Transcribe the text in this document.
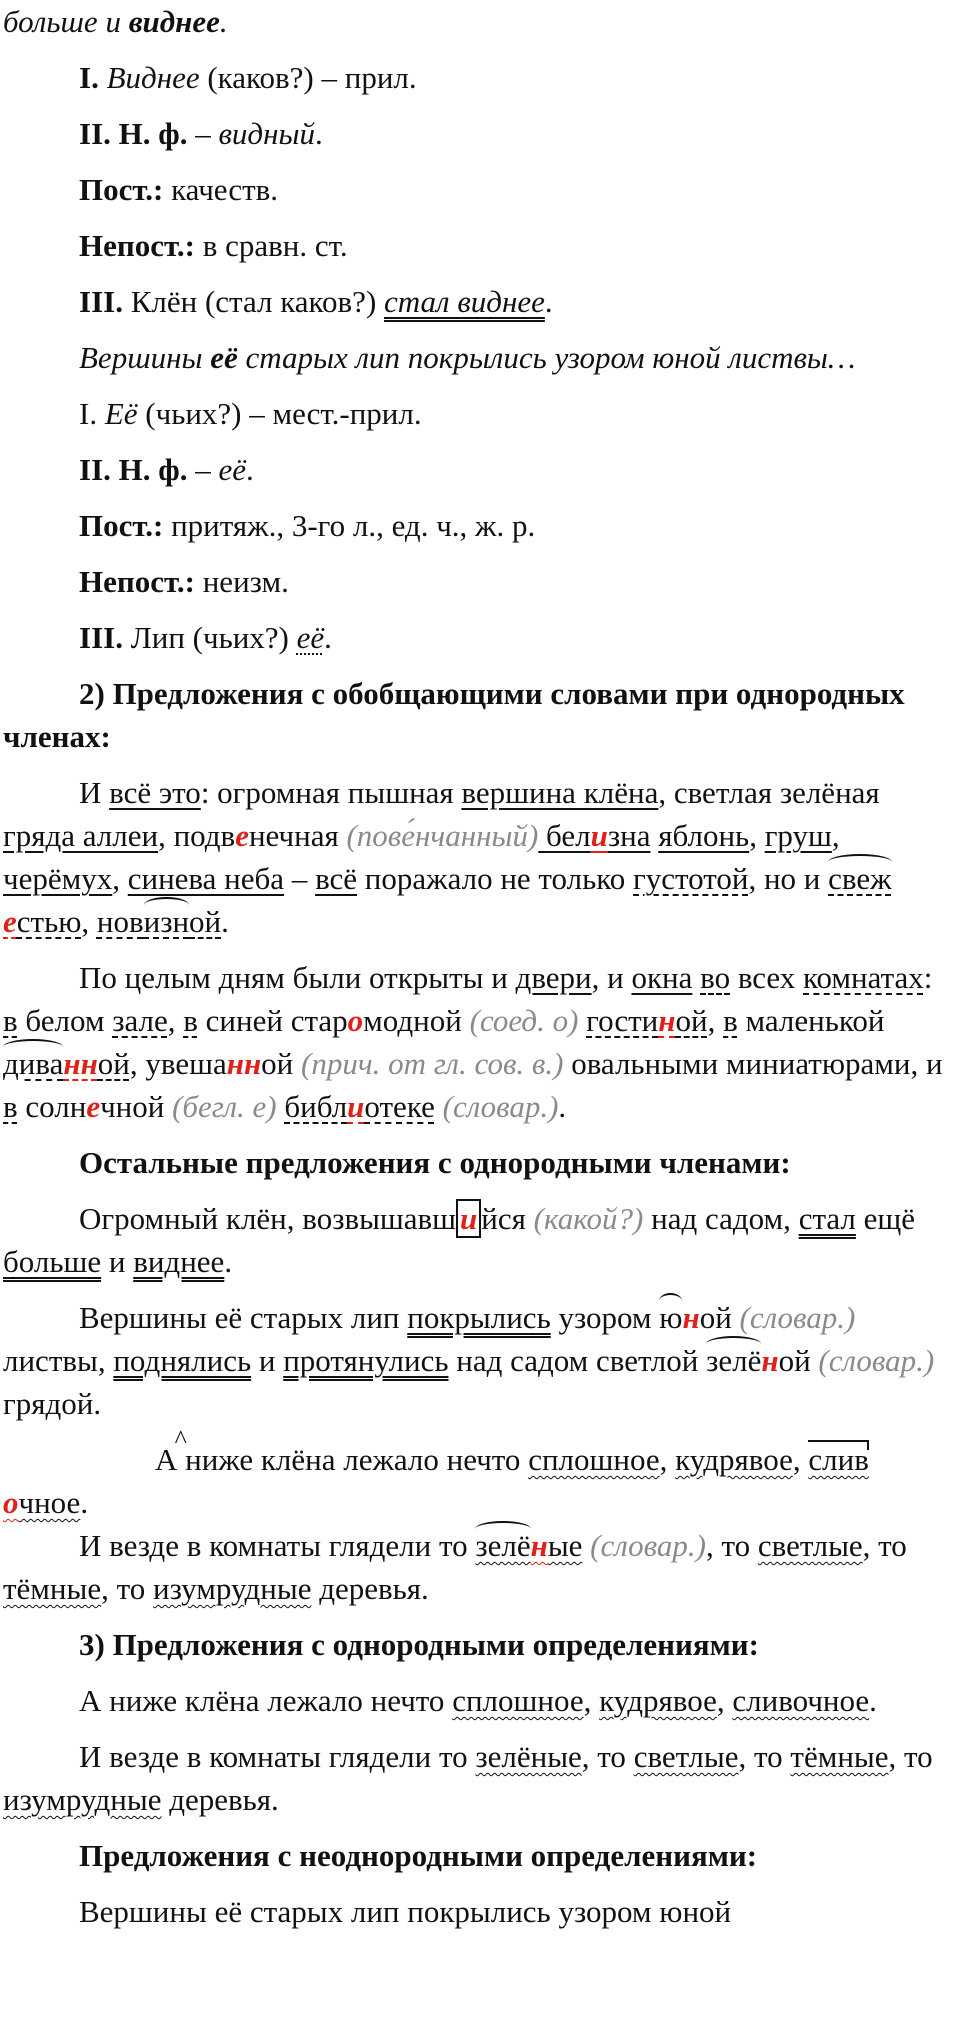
больше и виднее.

I. Виднее (каков?) – прил.

II. Н. ф. – видный.

Пост.: качеств.

Непост.: в сравн. ст.

III. Клён (стал каков?) стал виднее.

Вершины её старых лип покрылись узором юной листвы…

I. Её (чьих?) – мест.-прил.

II. Н. ф. – её.

Пост.: притяж., 3-го л., ед. ч., ж. р.

Непост.: неизм.

III. Лип (чьих?) её.

2) Предложения с обобщающими словами при однородных членах:

И всё это: огромная пышная вершина клёна, светлая зелёная гряда аллеи, подвенечная (пове́нчанный) белизна яблонь, груш, черёмух, синева неба – всё поражало не только густотой, но и свежестью, новизной.

По целым дням были открыты и двери, и окна во всех комнатах: в белом зале, в синей старомодной (соед. о) гостиной, в маленькой диванной, увешанной (прич. от гл. сов. в.) овальными миниатюрами, и в солнечной (бегл. е) библиотеке (словар.).

Остальные предложения с однородными членами:

Огромный клён, возвышавш и йся (какой?) над садом, стал ещё больше и виднее.

Вершины её старых лип покрылись узором юной (словар.) листвы, поднялись и протянулись над садом светлой зелёной (словар.) грядой.

^ А ниже клёна лежало нечто сплошное, кудрявое, сливочное.

И везде в комнаты глядели то зелёные (словар.), то светлые, то тёмные, то изумрудные деревья.

3) Предложения с однородными определениями:

А ниже клёна лежало нечто сплошное, кудрявое, сливочное.

И везде в комнаты глядели то зелёные, то светлые, то тёмные, то изумрудные деревья.

Предложения с неоднородными определениями:

Вершины её старых лип покрылись узором юной
